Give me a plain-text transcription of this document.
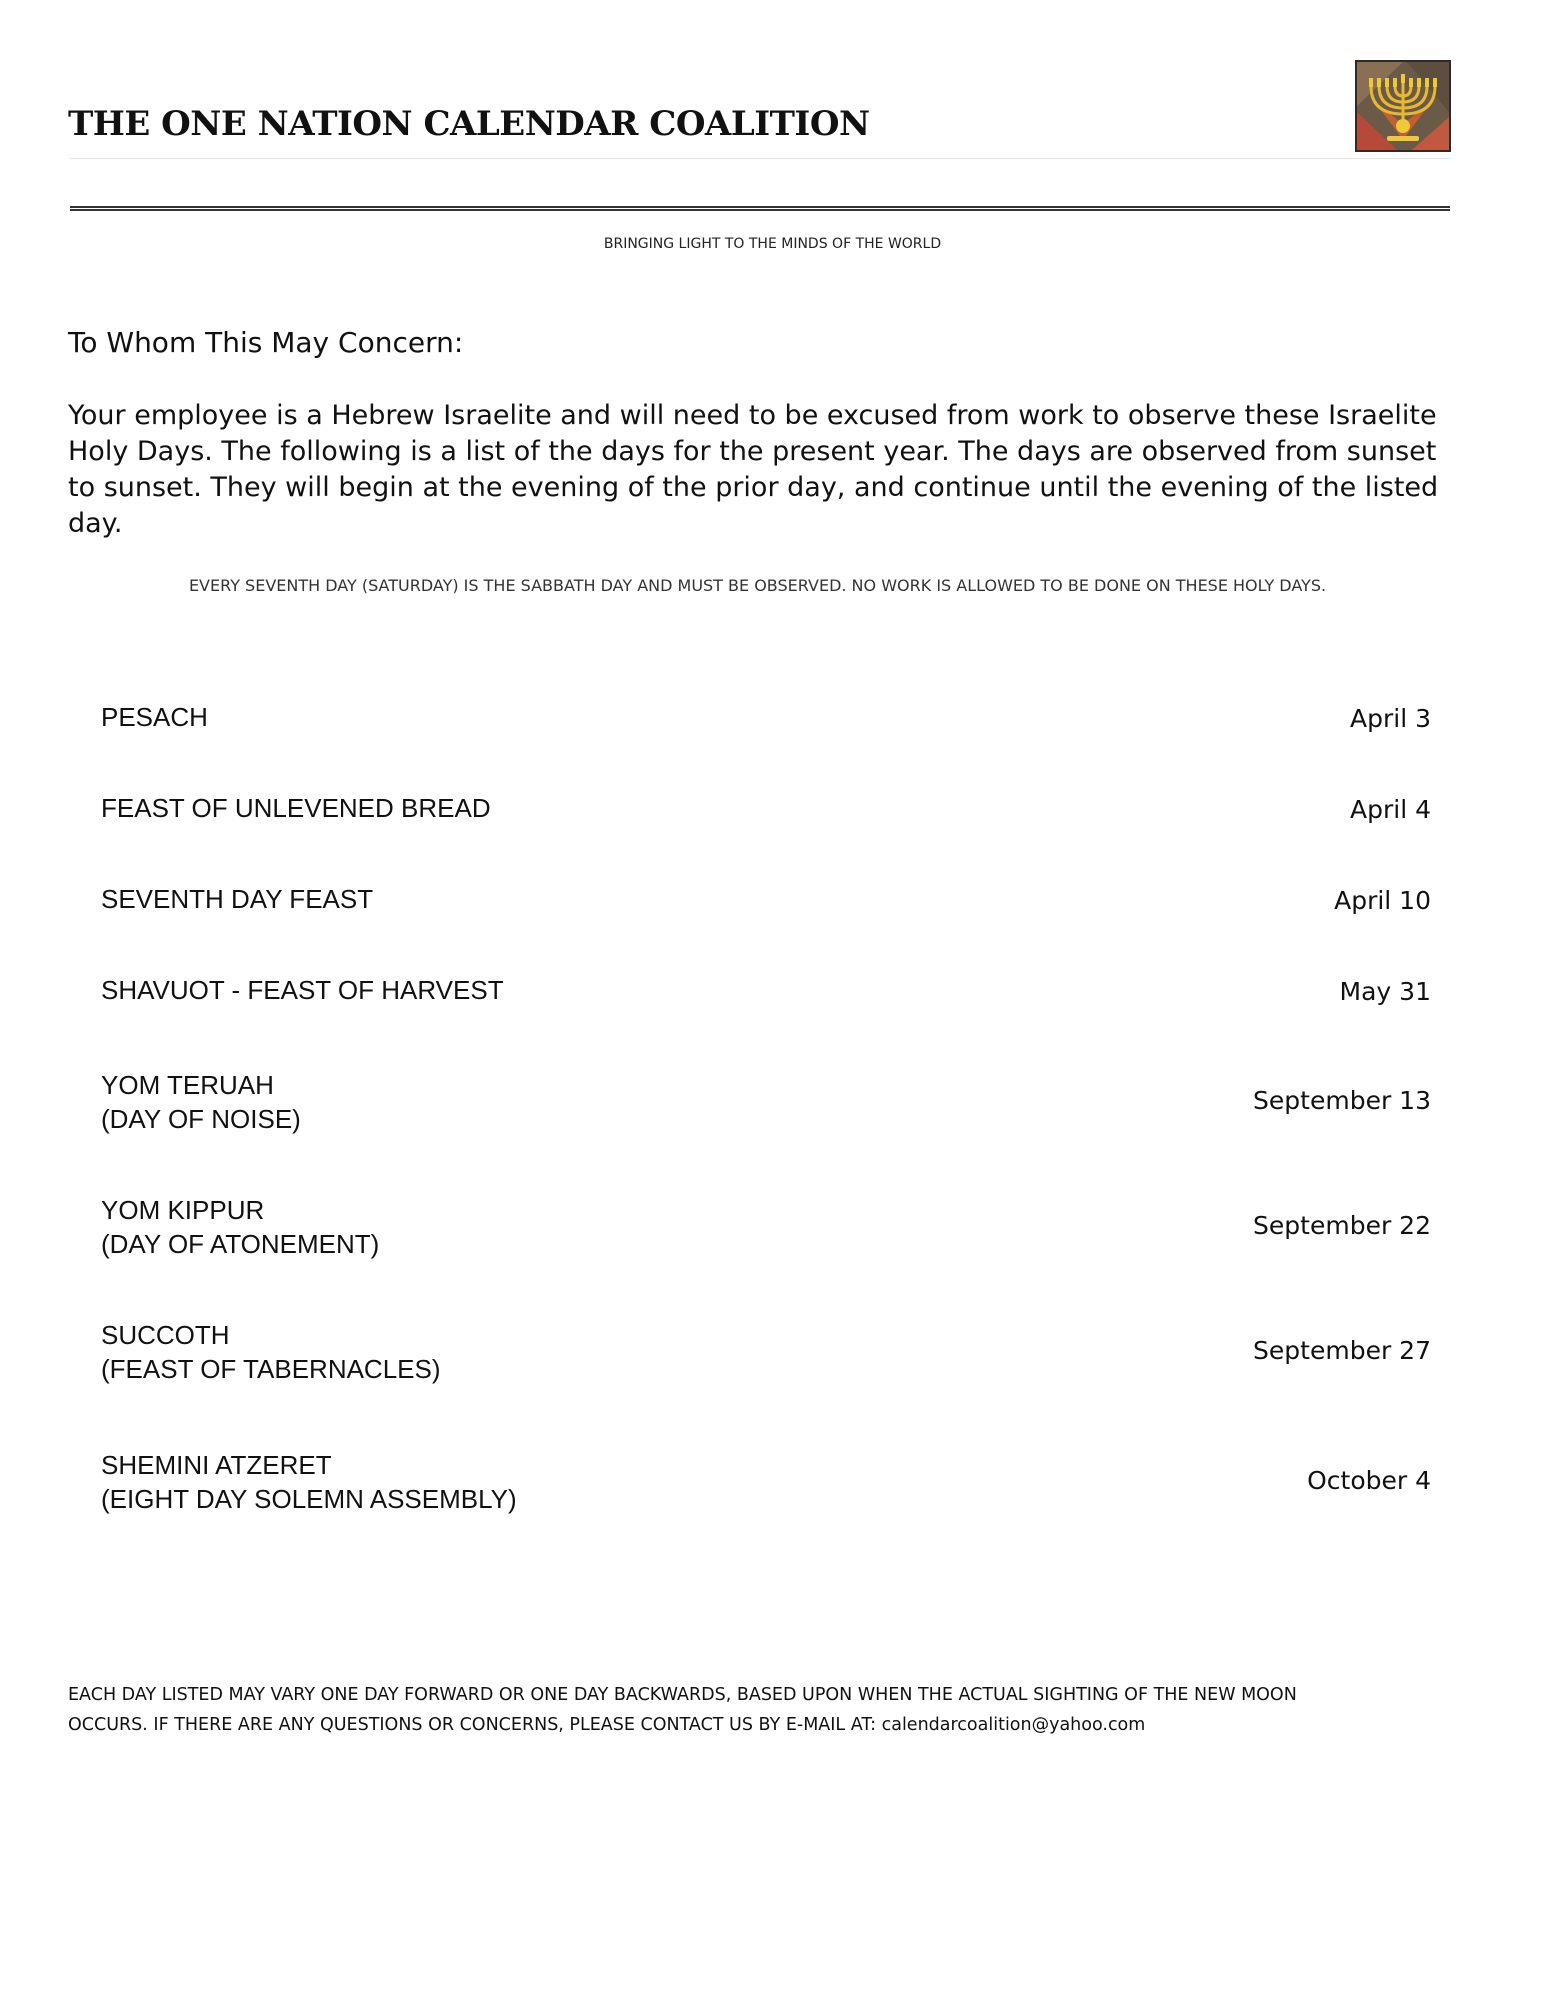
THE ONE NATION CALENDAR COALITION
BRINGING LIGHT TO THE MINDS OF THE WORLD
To Whom This May Concern:
Your employee is a Hebrew Israelite and will need to be excused from work to observe these Israelite Holy Days. The following is a list of the days for the present year. The days are observed from sunset to sunset. They will begin at the evening of the prior day, and continue until the evening of the listed day.
EVERY SEVENTH DAY (SATURDAY) IS THE SABBATH DAY AND MUST BE OBSERVED. NO WORK IS ALLOWED TO BE DONE ON THESE HOLY DAYS.
PESACH	April 3
FEAST OF UNLEVENED BREAD	April 4
SEVENTH DAY FEAST	April 10
SHAVUOT - FEAST OF HARVEST	May 31
YOM TERUAH
(DAY OF NOISE)
September 13
YOM KIPPUR
(DAY OF ATONEMENT)
September 22
SUCCOTH
(FEAST OF TABERNACLES)
September 27
SHEMINI ATZERET
(EIGHT DAY SOLEMN ASSEMBLY)
October 4
EACH DAY LISTED MAY VARY ONE DAY FORWARD OR ONE DAY BACKWARDS, BASED UPON WHEN THE ACTUAL SIGHTING OF THE NEW MOON
OCCURS. IF THERE ARE ANY QUESTIONS OR CONCERNS, PLEASE CONTACT US BY E-MAIL AT: calendarcoalition@yahoo.com
